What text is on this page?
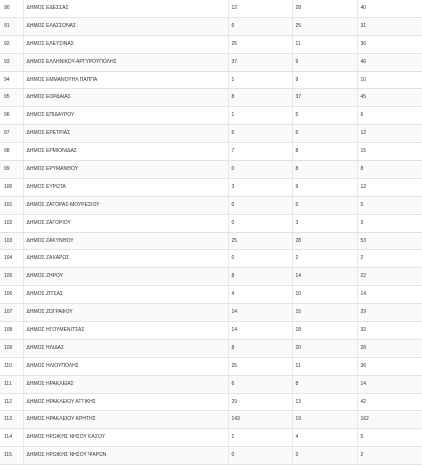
90	ΔΗΜΟΣ ΕΔΕΣΣΑΣ	12	28	40
91	ΔΗΜΟΣ ΕΛΑΣΣΟΝΑΣ	6	25	31
92	ΔΗΜΟΣ ΕΛΕΥΣΙΝΑΣ	25	11	36
93	ΔΗΜΟΣ ΕΛΛΗΝΙΚΟΥ-ΑΡΓΥΡΟΥΠΟΛΗΣ	37	9	46
94	ΔΗΜΟΣ ΕΜΜΑΝΟΥΗΛ ΠΑΠΠΑ	1	9	10
95	ΔΗΜΟΣ ΕΟΡΔΑΙΑΣ	8	37	45
96	ΔΗΜΟΣ ΕΠΙΔΑΥΡΟΥ	1	5	6
97	ΔΗΜΟΣ ΕΡΕΤΡΙΑΣ	6	6	12
98	ΔΗΜΟΣ ΕΡΜΙΟΝΙΔΑΣ	7	8	15
99	ΔΗΜΟΣ ΕΡΥΜΑΝΘΟΥ	0	8	8
100	ΔΗΜΟΣ ΕΥΡΩΤΑ	3	9	12
101	ΔΗΜΟΣ ΖΑΓΟΡΑΣ-ΜΟΥΡΕΣΙΟΥ	0	5	5
102	ΔΗΜΟΣ ΖΑΓΟΡΙΟΥ	0	3	3
103	ΔΗΜΟΣ ΖΑΚΥΝΘΟΥ	25	28	53
104	ΔΗΜΟΣ ΖΑΧΑΡΩΣ	0	2	2
105	ΔΗΜΟΣ ΖΗΡΟΥ	8	14	22
106	ΔΗΜΟΣ ΖΙΤΣΑΣ	4	10	14
107	ΔΗΜΟΣ ΖΩΓΡΑΦΟΥ	14	15	29
108	ΔΗΜΟΣ ΗΓΟΥΜΕΝΙΤΣΑΣ	14	18	32
109	ΔΗΜΟΣ ΗΛΙΔΑΣ	8	20	28
110	ΔΗΜΟΣ ΗΛΙΟΥΠΟΛΗΣ	25	11	36
111	ΔΗΜΟΣ ΗΡΑΚΛΕΙΑΣ	6	8	14
112	ΔΗΜΟΣ ΗΡΑΚΛΕΙΟΥ ΑΤΤΙΚΗΣ	29	13	42
113	ΔΗΜΟΣ ΗΡΑΚΛΕΙΟΥ ΚΡΗΤΗΣ	143	19	162
114	ΔΗΜΟΣ ΗΡΩΙΚΗΣ ΝΗΣΟΥ ΚΑΣΟΥ	1	4	5
115	ΔΗΜΟΣ ΗΡΩΙΚΗΣ ΝΗΣΟΥ ΨΑΡΩΝ	0	2	2
